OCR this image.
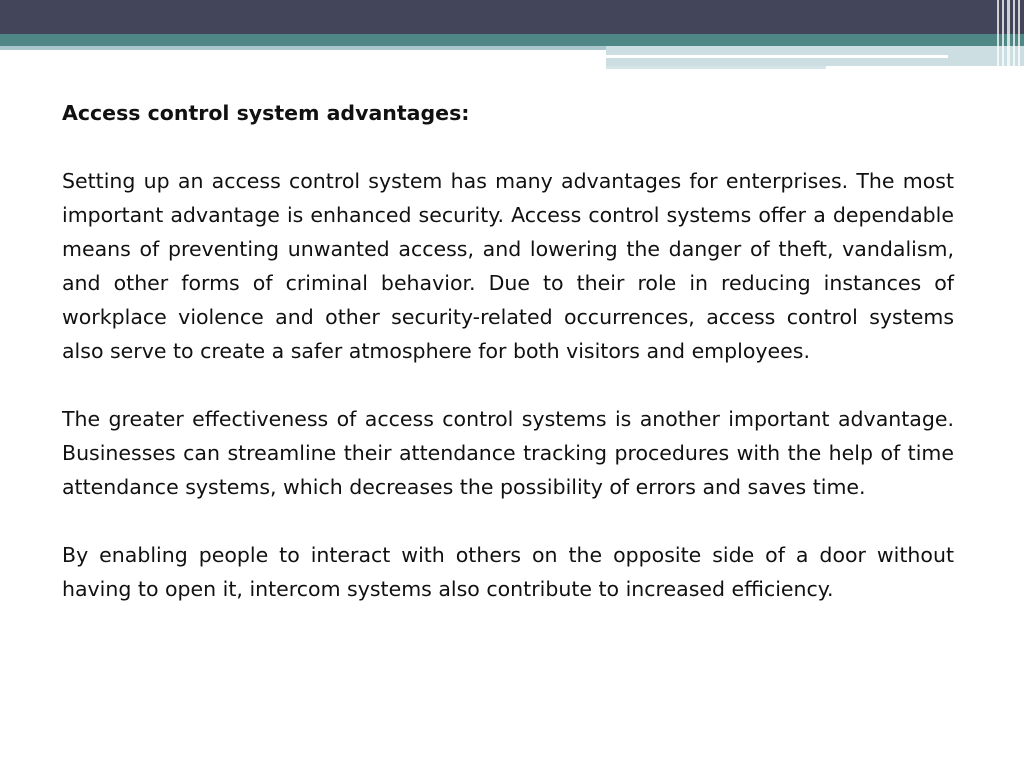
Access control system advantages:

Setting up an access control system has many advantages for enterprises. The most important advantage is enhanced security. Access control systems offer a dependable means of preventing unwanted access, and lowering the danger of theft, vandalism, and other forms of criminal behavior. Due to their role in reducing instances of workplace violence and other security-related occurrences, access control systems also serve to create a safer atmosphere for both visitors and employees.

The greater effectiveness of access control systems is another important advantage. Businesses can streamline their attendance tracking procedures with the help of time attendance systems, which decreases the possibility of errors and saves time.

By enabling people to interact with others on the opposite side of a door without having to open it, intercom systems also contribute to increased efficiency.
